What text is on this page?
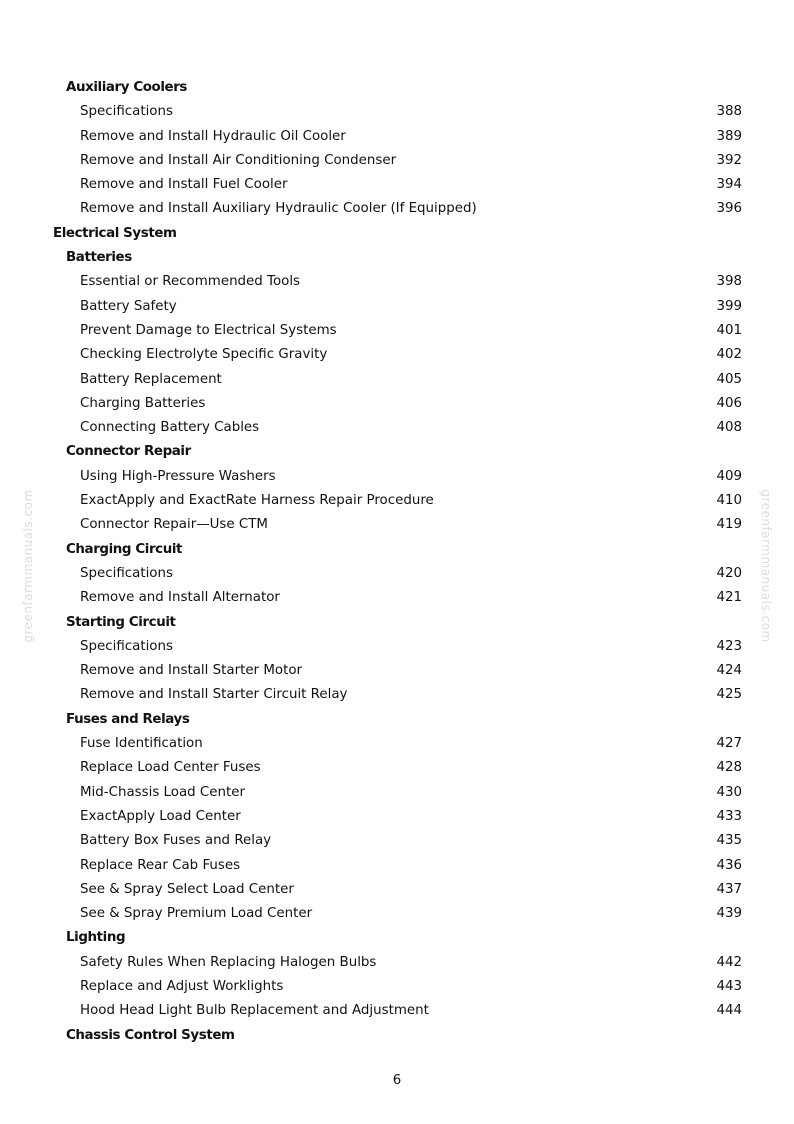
greenfarmmanuals.com	greenfarmmanuals.com
Auxiliary Coolers
Specifications	388
Remove and Install Hydraulic Oil Cooler	389
Remove and Install Air Conditioning Condenser	392
Remove and Install Fuel Cooler	394
Remove and Install Auxiliary Hydraulic Cooler (If Equipped)	396
Electrical System
Batteries
Essential or Recommended Tools	398
Battery Safety	399
Prevent Damage to Electrical Systems	401
Checking Electrolyte Specific Gravity	402
Battery Replacement	405
Charging Batteries	406
Connecting Battery Cables	408
Connector Repair
Using High-Pressure Washers	409
ExactApply and ExactRate Harness Repair Procedure	410
Connector Repair—Use CTM	419
Charging Circuit
Specifications	420
Remove and Install Alternator	421
Starting Circuit
Specifications	423
Remove and Install Starter Motor	424
Remove and Install Starter Circuit Relay	425
Fuses and Relays
Fuse Identification	427
Replace Load Center Fuses	428
Mid-Chassis Load Center	430
ExactApply Load Center	433
Battery Box Fuses and Relay	435
Replace Rear Cab Fuses	436
See & Spray Select Load Center	437
See & Spray Premium Load Center	439
Lighting
Safety Rules When Replacing Halogen Bulbs	442
Replace and Adjust Worklights	443
Hood Head Light Bulb Replacement and Adjustment	444
Chassis Control System
6
